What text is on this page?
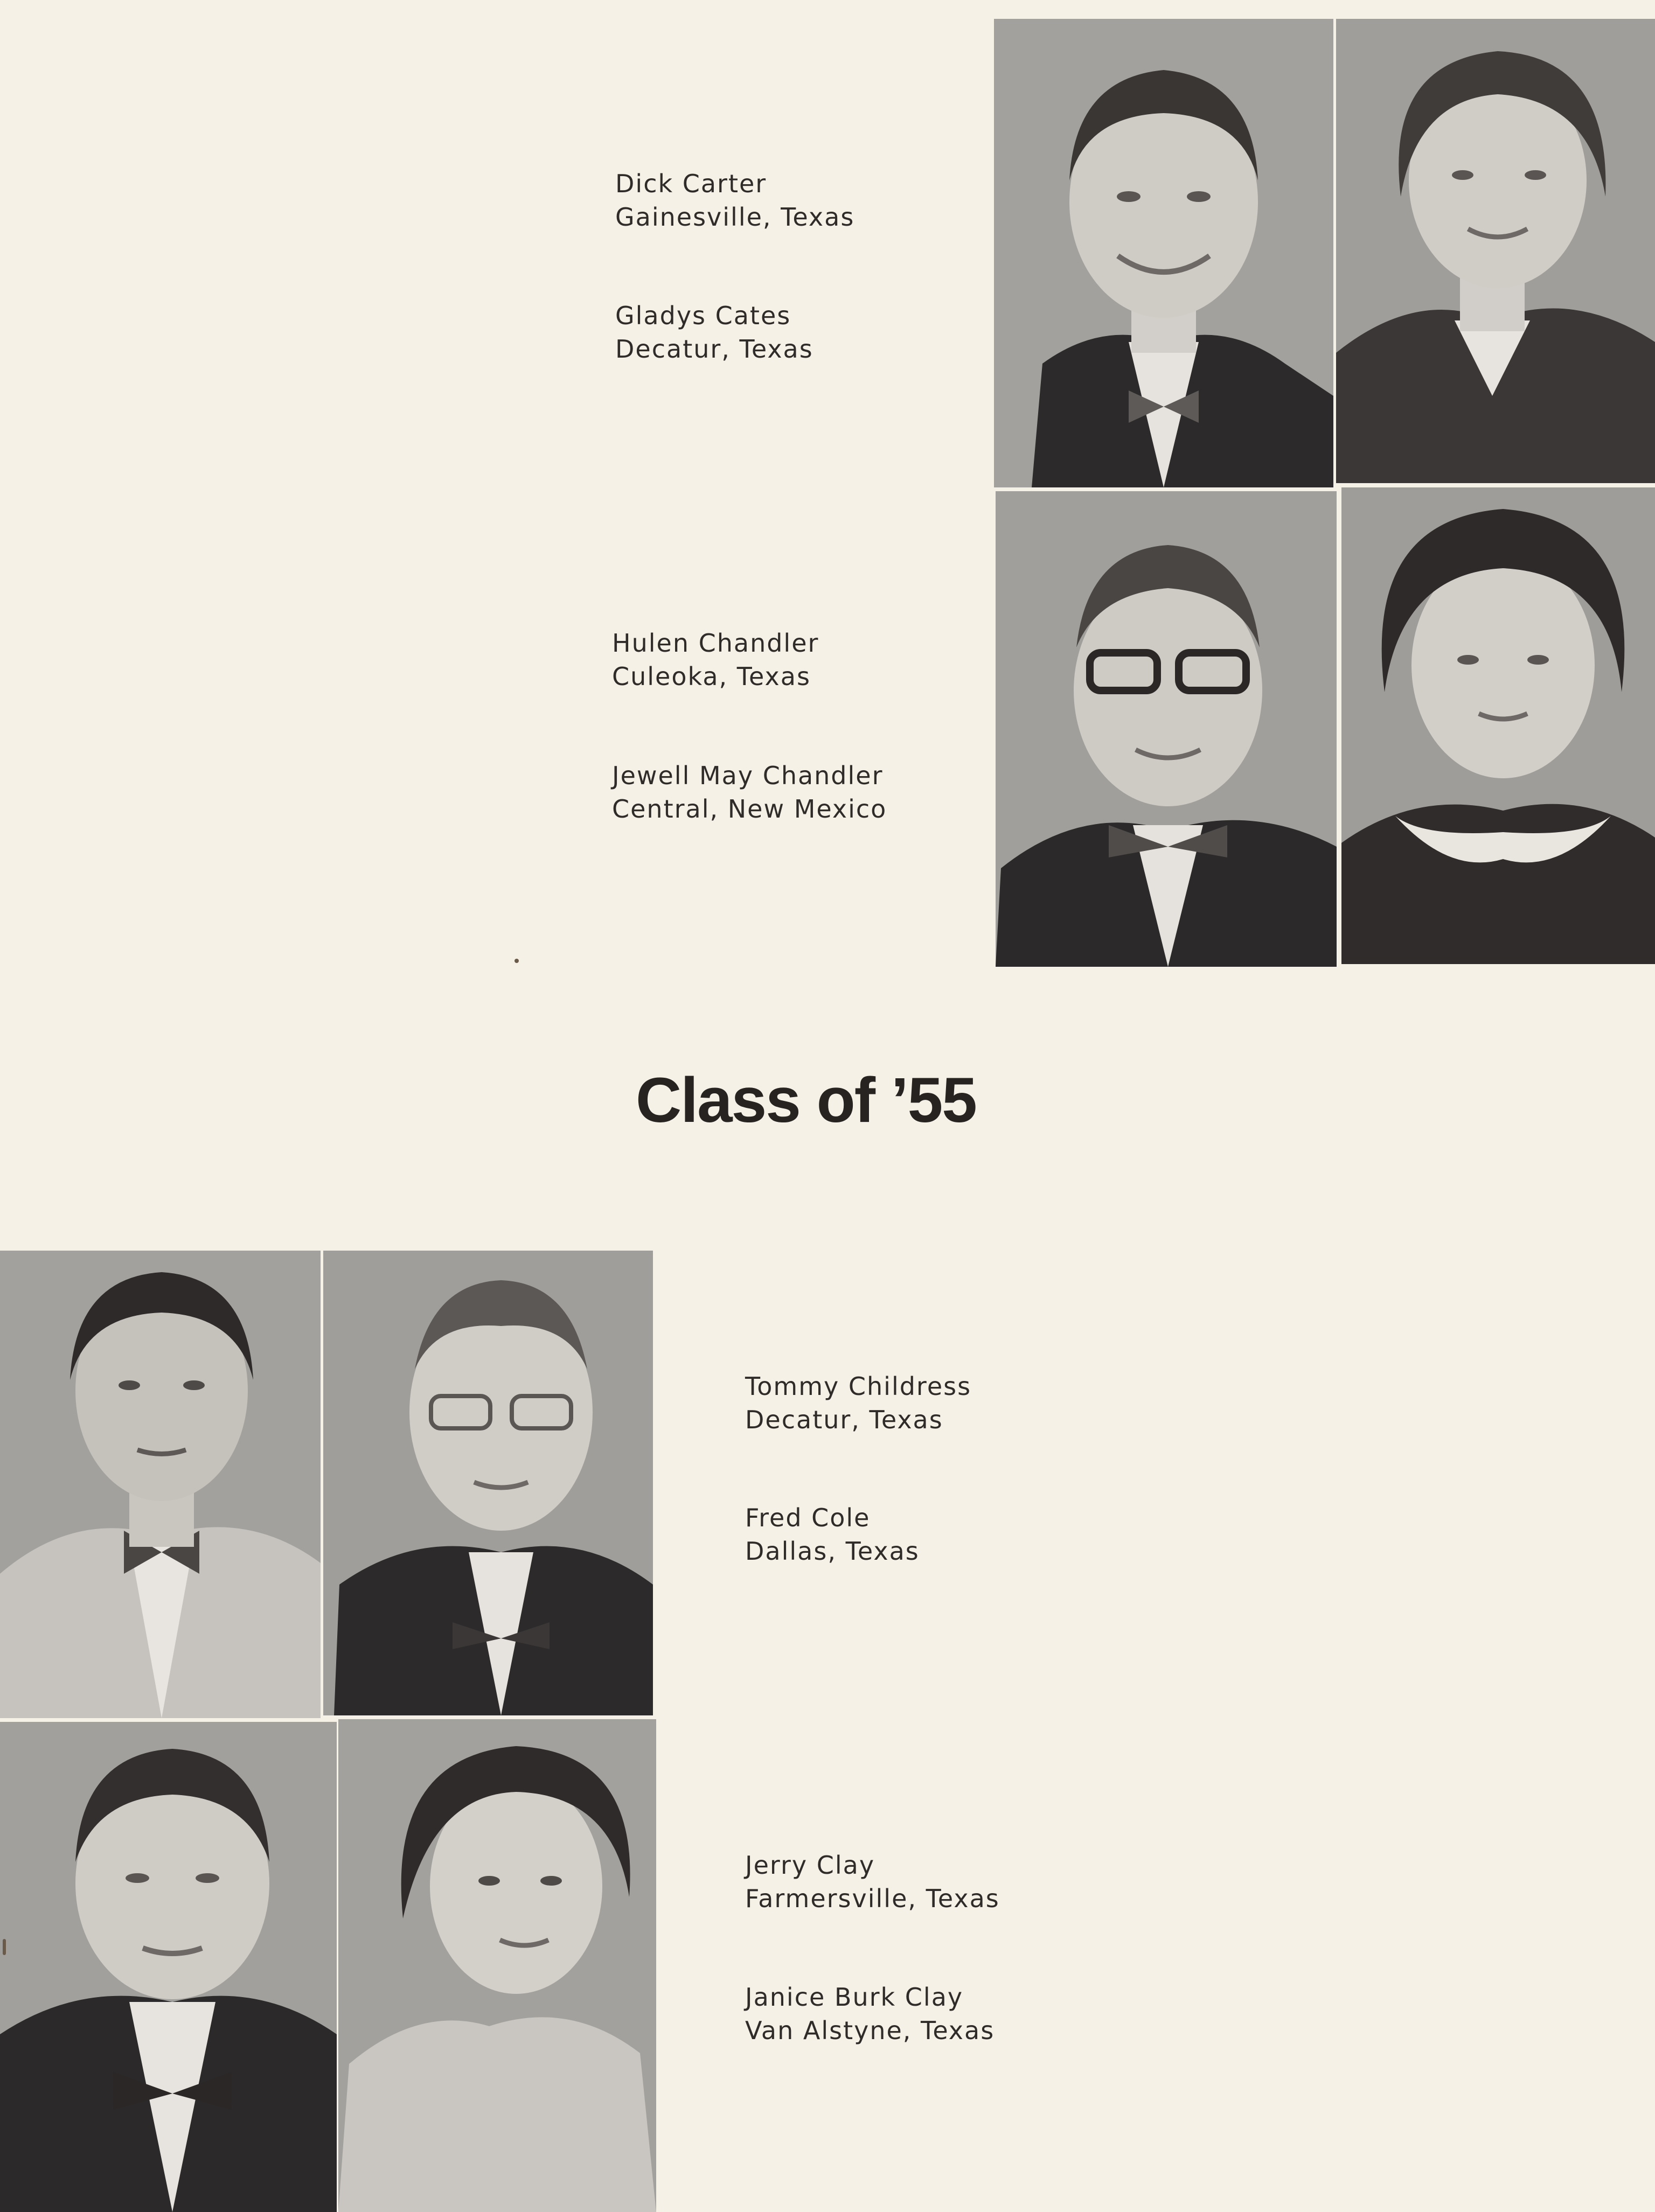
Dick Carter
Gainesville, Texas
Gladys Cates
Decatur, Texas
Hulen Chandler
Culeoka, Texas
Jewell May Chandler
Central, New Mexico
Class of ’55
Tommy Childress
Decatur, Texas
Fred Cole
Dallas, Texas
Jerry Clay
Farmersville, Texas
Janice Burk Clay
Van Alstyne, Texas
